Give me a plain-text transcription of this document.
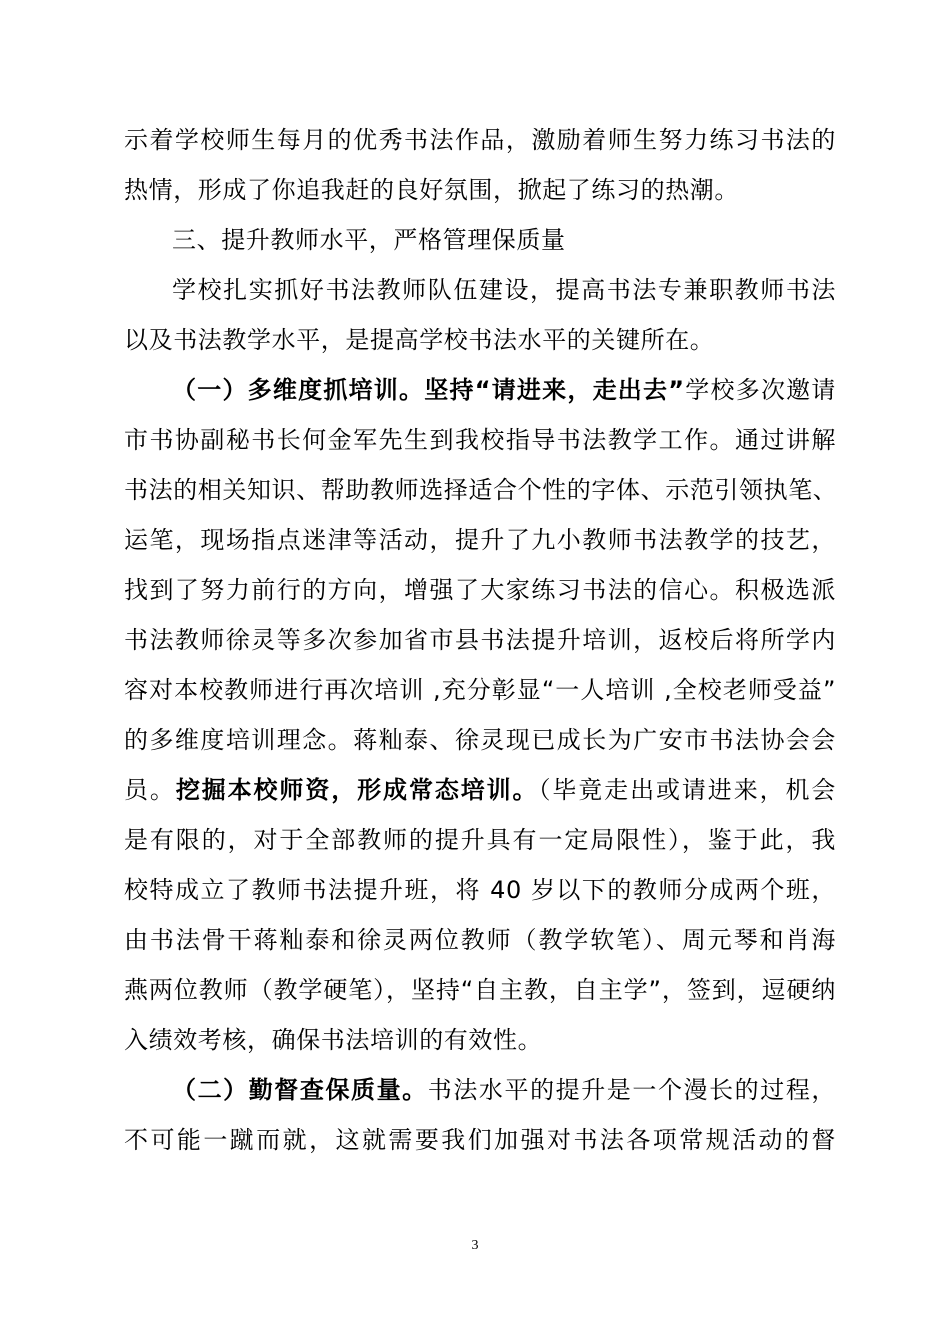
示着学校师生每月的优秀书法作品，激励着师生努力练习书法的
热情，形成了你追我赶的良好氛围，掀起了练习的热潮。
三、提升教师水平，严格管理保质量
学校扎实抓好书法教师队伍建设，提高书法专兼职教师书法
以及书法教学水平，是提高学校书法水平的关键所在。
（一）多维度抓培训。坚持“请进来，走出去”学校多次邀请
市书协副秘书长何金军先生到我校指导书法教学工作。通过讲解
书法的相关知识、帮助教师选择适合个性的字体、示范引领执笔、
运笔，现场指点迷津等活动，提升了九小教师书法教学的技艺，
找到了努力前行的方向，增强了大家练习书法的信心。积极选派
书法教师徐灵等多次参加省市县书法提升培训，返校后将所学内
容对本校教师进行再次培训 ,充分彰显“一人培训 ,全校老师受益”
的多维度培训理念。蒋籼泰、徐灵现已成长为广安市书法协会会
员。挖掘本校师资，形成常态培训。（毕竟走出或请进来，机会
是有限的，对于全部教师的提升具有一定局限性），鉴于此，我
校特成立了教师书法提升班，将 40 岁以下的教师分成两个班，
由书法骨干蒋籼泰和徐灵两位教师（教学软笔）、周元琴和肖海
燕两位教师（教学硬笔），坚持“自主教，自主学”，签到，逗硬纳
入绩效考核，确保书法培训的有效性。
（二）勤督查保质量。书法水平的提升是一个漫长的过程，
不可能一蹴而就，这就需要我们加强对书法各项常规活动的督
3
